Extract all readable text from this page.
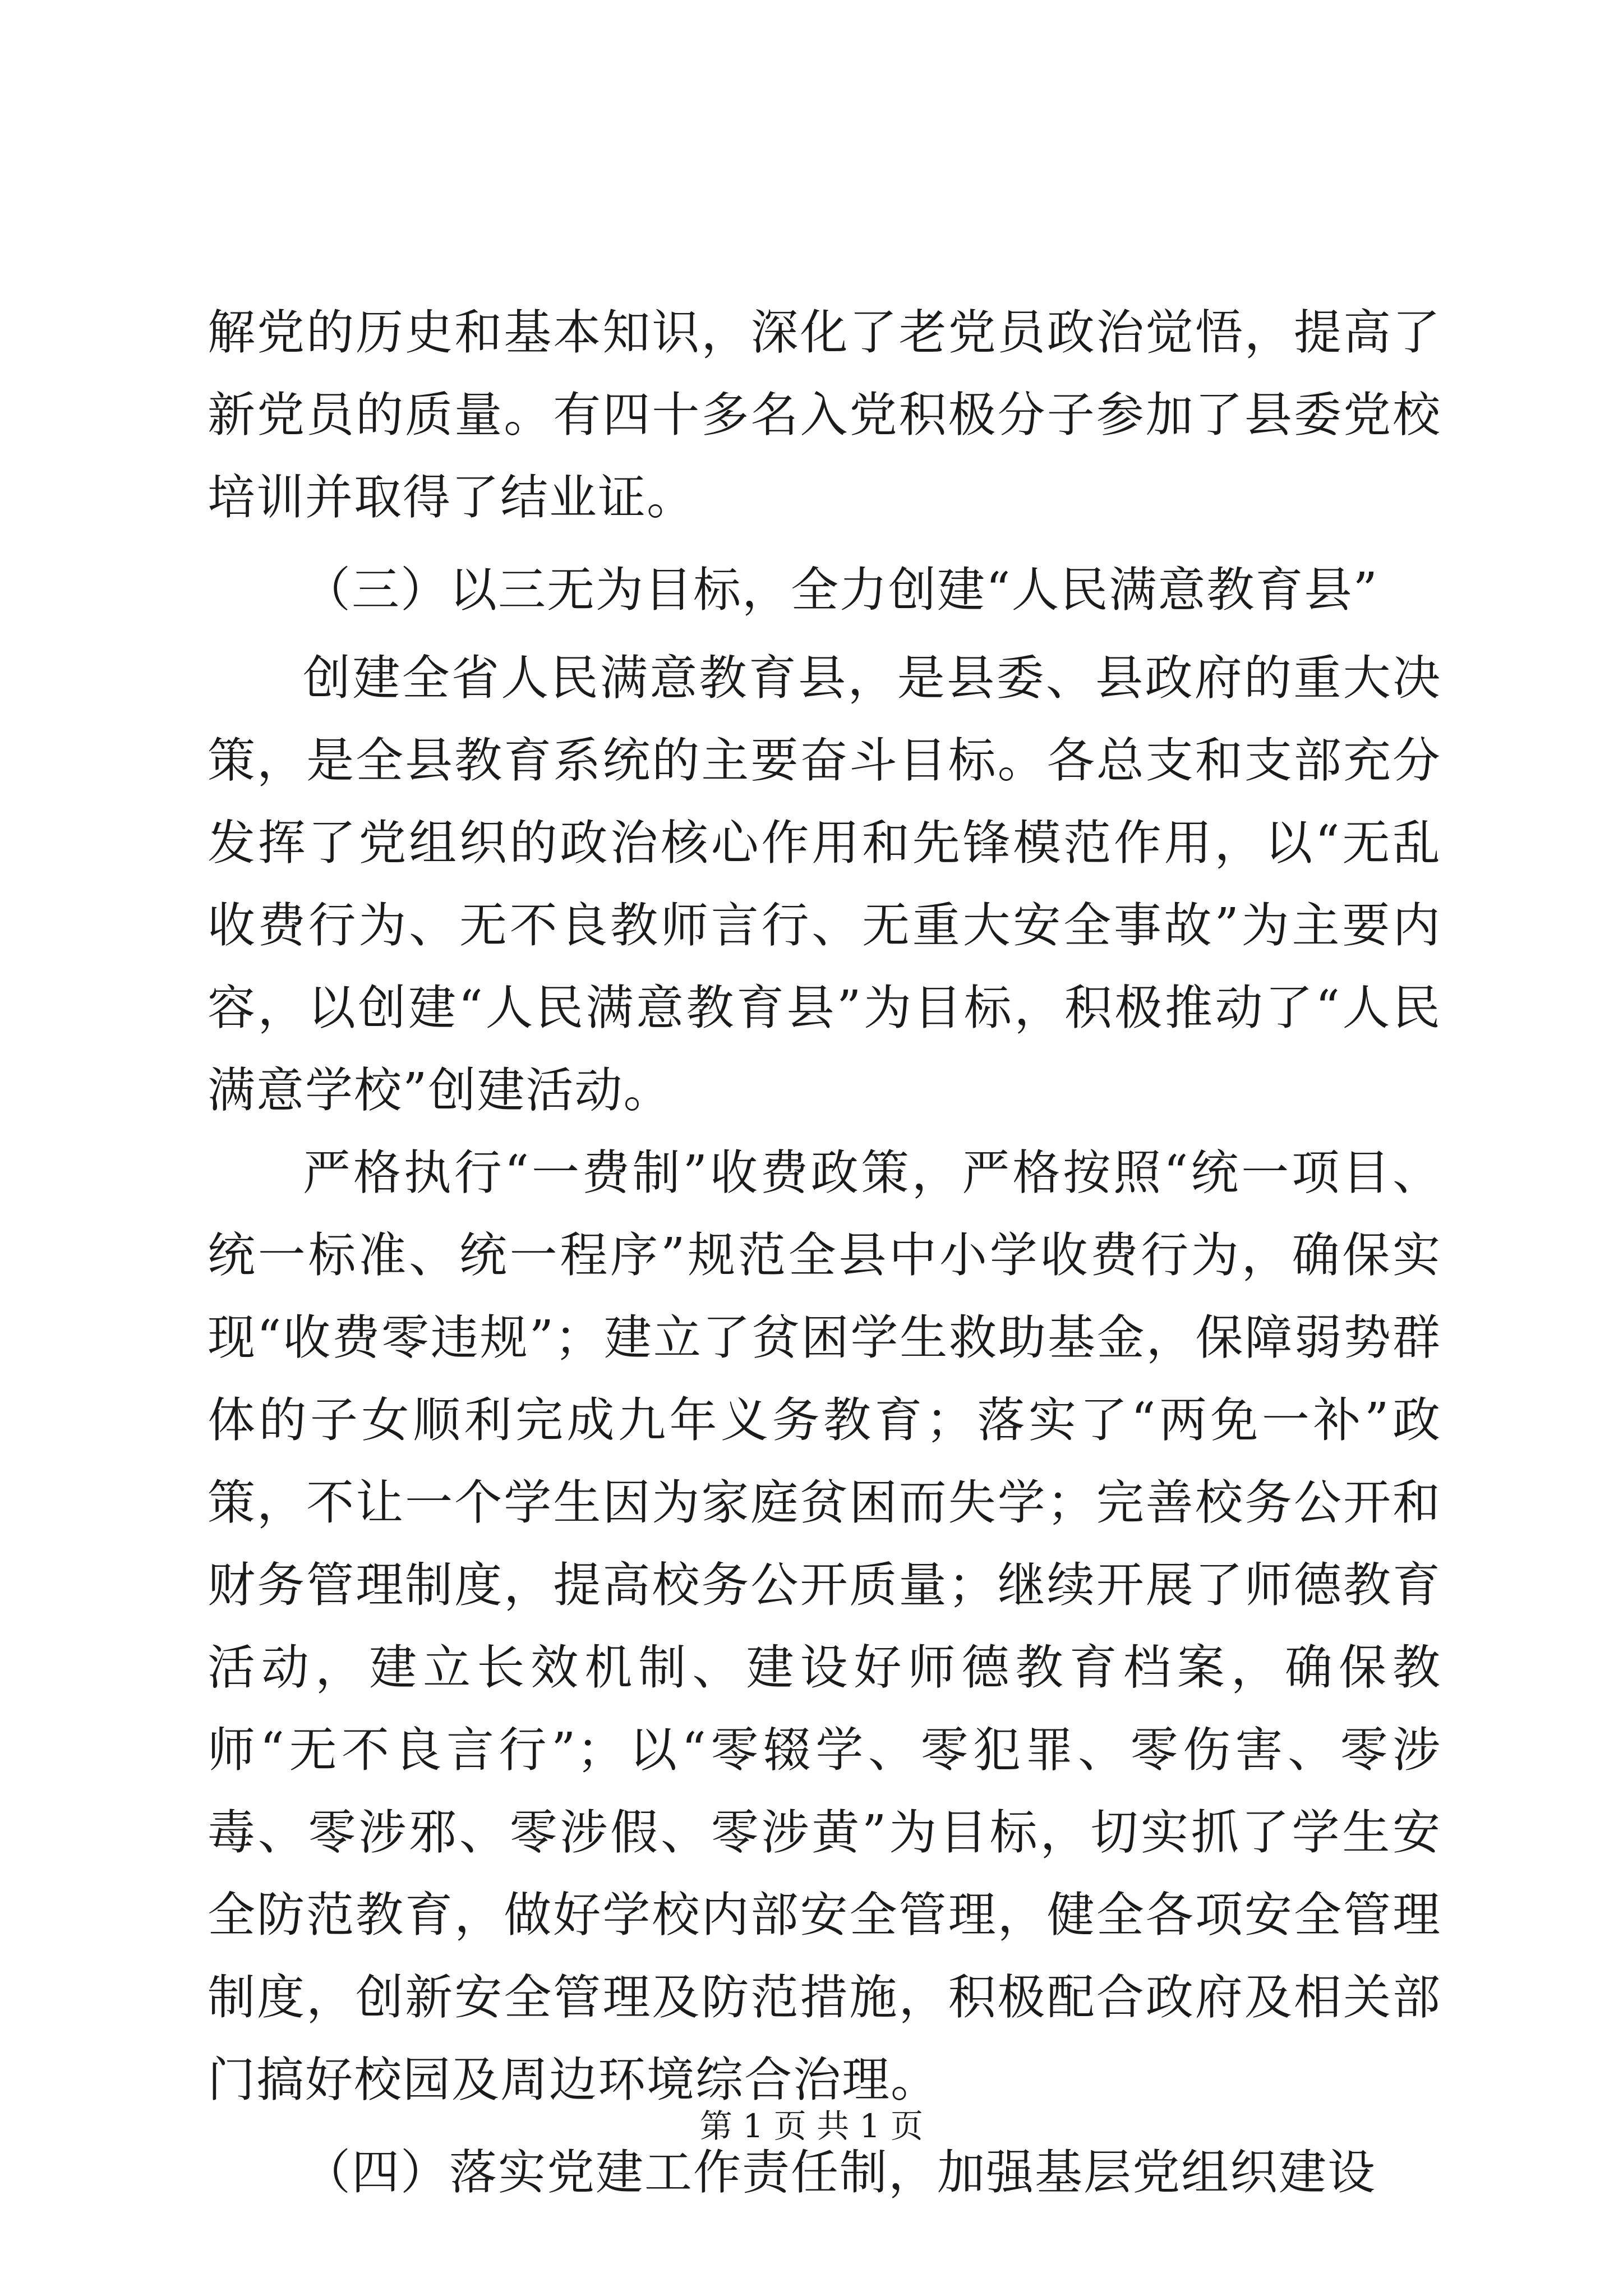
解党的历史和基本知识，深化了老党员政治觉悟，提高了新党员的质量。有四十多名入党积极分子参加了县委党校培训并取得了结业证。

（三）以三无为目标，全力创建“人民满意教育县”

创建全省人民满意教育县，是县委、县政府的重大决策，是全县教育系统的主要奋斗目标。各总支和支部充分发挥了党组织的政治核心作用和先锋模范作用，以“无乱收费行为、无不良教师言行、无重大安全事故”为主要内容，以创建“人民满意教育县”为目标，积极推动了“人民满意学校”创建活动。

严格执行“一费制”收费政策，严格按照“统一项目、统一标准、统一程序”规范全县中小学收费行为，确保实现“收费零违规”；建立了贫困学生救助基金，保障弱势群体的子女顺利完成九年义务教育；落实了“两免一补”政策，不让一个学生因为家庭贫困而失学；完善校务公开和财务管理制度，提高校务公开质量；继续开展了师德教育活动，建立长效机制、建设好师德教育档案，确保教师“无不良言行”；以“零辍学、零犯罪、零伤害、零涉毒、零涉邪、零涉假、零涉黄”为目标，切实抓了学生安全防范教育，做好学校内部安全管理，健全各项安全管理制度，创新安全管理及防范措施，积极配合政府及相关部门搞好校园及周边环境综合治理。

（四）落实党建工作责任制，加强基层党组织建设

第 1 页 共 1 页
